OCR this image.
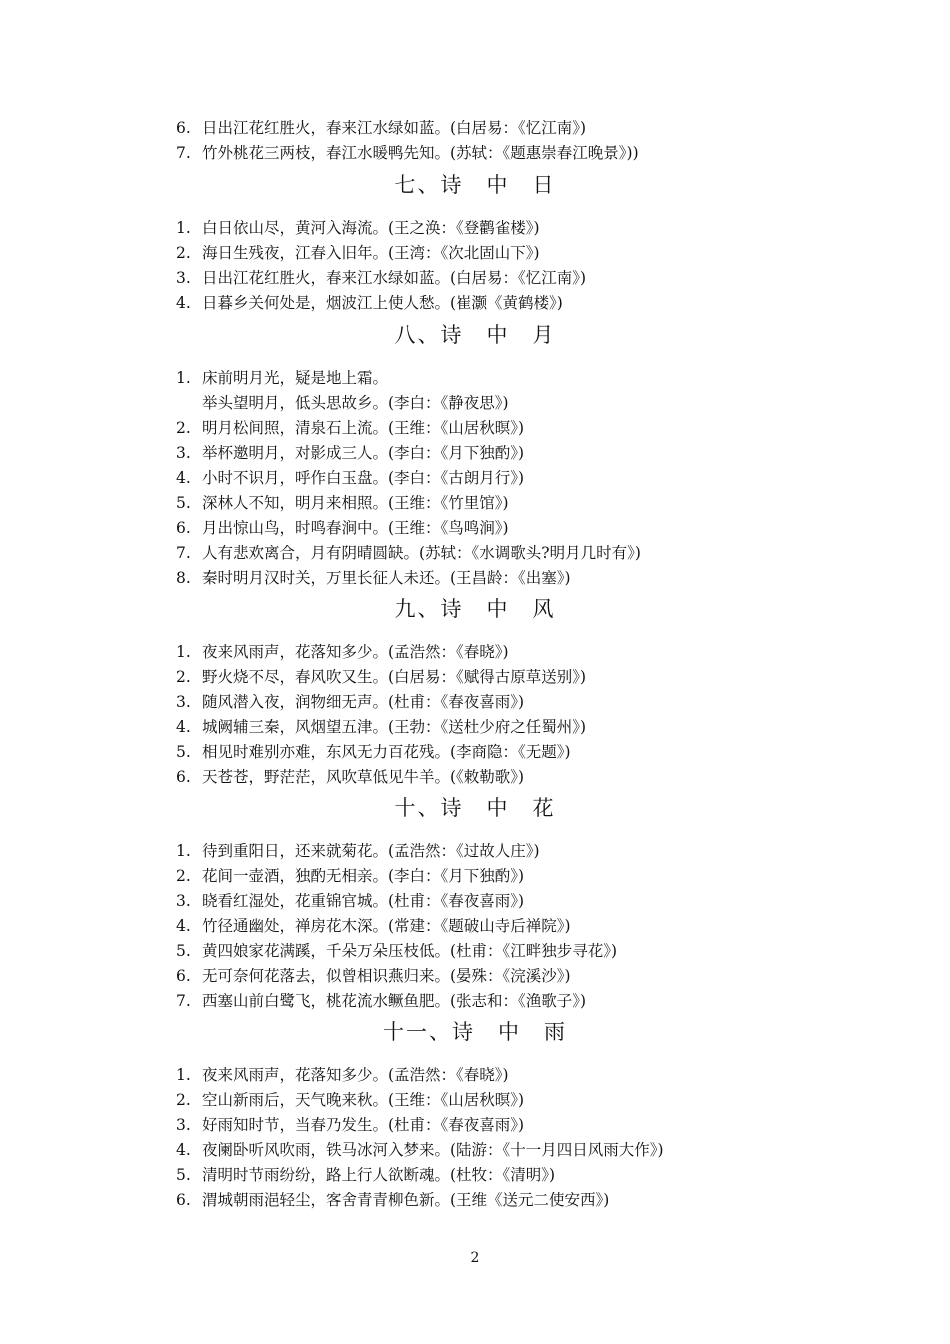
6. 日出江花红胜火，春来江水绿如蓝。(白居易：《忆江南》)
7. 竹外桃花三两枝，春江水暖鸭先知。(苏轼：《题惠崇春江晚景》))
七、诗　中　日
1. 白日依山尽，黄河入海流。(王之涣：《登鹳雀楼》)
2. 海日生残夜，江春入旧年。(王湾：《次北固山下》)
3. 日出江花红胜火，春来江水绿如蓝。(白居易：《忆江南》)
4. 日暮乡关何处是，烟波江上使人愁。(崔灏《黄鹤楼》)
八、诗　中　月
1. 床前明月光，疑是地上霜。
举头望明月，低头思故乡。(李白：《静夜思》)
2. 明月松间照，清泉石上流。(王维：《山居秋暝》)
3. 举杯邀明月，对影成三人。(李白：《月下独酌》)
4. 小时不识月，呼作白玉盘。(李白：《古朗月行》)
5. 深林人不知，明月来相照。(王维：《竹里馆》)
6. 月出惊山鸟，时鸣春涧中。(王维：《鸟鸣涧》)
7. 人有悲欢离合，月有阴晴圆缺。(苏轼：《水调歌头?明月几时有》)
8. 秦时明月汉时关，万里长征人未还。(王昌龄：《出塞》)
九、诗　中　风
1. 夜来风雨声，花落知多少。(孟浩然：《春晓》)
2. 野火烧不尽，春风吹又生。(白居易：《赋得古原草送别》)
3. 随风潜入夜，润物细无声。(杜甫：《春夜喜雨》)
4. 城阙辅三秦，风烟望五津。(王勃：《送杜少府之任蜀州》)
5. 相见时难别亦难，东风无力百花残。(李商隐：《无题》)
6. 天苍苍，野茫茫，风吹草低见牛羊。(《敕勒歌》)
十、诗　中　花
1. 待到重阳日，还来就菊花。(孟浩然：《过故人庄》)
2. 花间一壶酒，独酌无相亲。(李白：《月下独酌》)
3. 晓看红湿处，花重锦官城。(杜甫：《春夜喜雨》)
4. 竹径通幽处，禅房花木深。(常建：《题破山寺后禅院》)
5. 黄四娘家花满蹊，千朵万朵压枝低。(杜甫：《江畔独步寻花》)
6. 无可奈何花落去，似曾相识燕归来。(晏殊：《浣溪沙》)
7. 西塞山前白鹭飞，桃花流水鳜鱼肥。(张志和：《渔歌子》)
十一、诗　中　雨
1. 夜来风雨声，花落知多少。(孟浩然：《春晓》)
2. 空山新雨后，天气晚来秋。(王维：《山居秋暝》)
3. 好雨知时节，当春乃发生。(杜甫：《春夜喜雨》)
4. 夜阑卧听风吹雨，铁马冰河入梦来。(陆游：《十一月四日风雨大作》)
5. 清明时节雨纷纷，路上行人欲断魂。(杜牧：《清明》)
6. 渭城朝雨浥轻尘，客舍青青柳色新。(王维《送元二使安西》)
2
